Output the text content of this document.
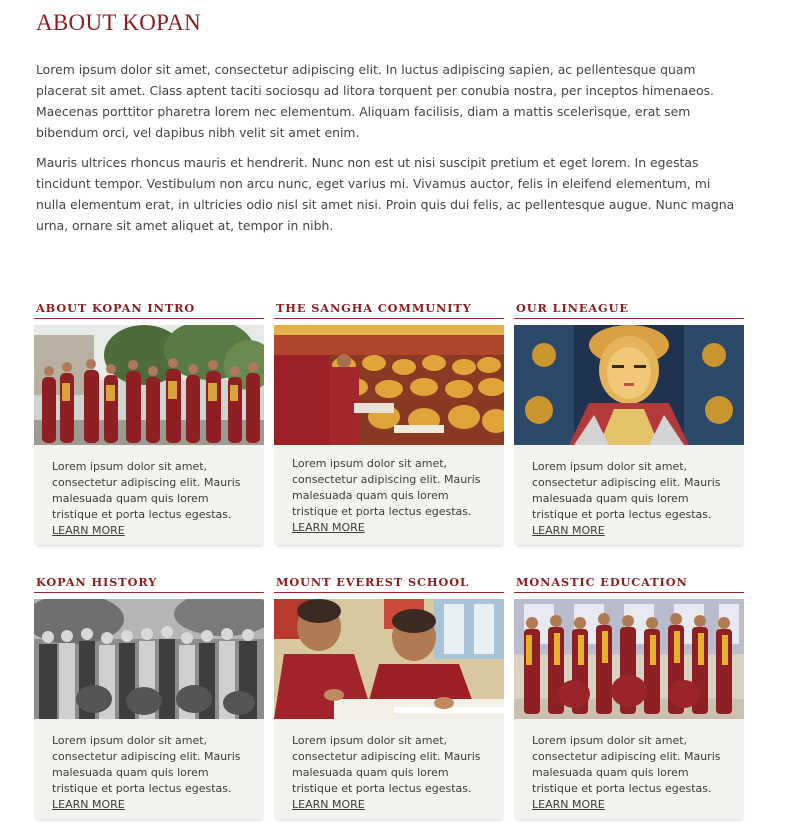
ABOUT KOPAN

Lorem ipsum dolor sit amet, consectetur adipiscing elit. In luctus adipiscing sapien, ac pellentesque quam placerat sit amet. Class aptent taciti sociosqu ad litora torquent per conubia nostra, per inceptos himenaeos. Maecenas porttitor pharetra lorem nec elementum. Aliquam facilisis, diam a mattis scelerisque, erat sem bibendum orci, vel dapibus nibh velit sit amet enim.

Mauris ultrices rhoncus mauris et hendrerit. Nunc non est ut nisi suscipit pretium et eget lorem. In egestas tincidunt tempor. Vestibulum non arcu nunc, eget varius mi. Vivamus auctor, felis in eleifend elementum, mi nulla elementum erat, in ultricies odio nisl sit amet nisi. Proin quis dui felis, ac pellentesque augue. Nunc magna urna, ornare sit amet aliquet at, tempor in nibh.

ABOUT KOPAN INTRO
Lorem ipsum dolor sit amet, consectetur adipiscing elit. Mauris malesuada quam quis lorem tristique et porta lectus egestas. LEARN MORE
THE SANGHA COMMUNITY
Lorem ipsum dolor sit amet, consectetur adipiscing elit. Mauris malesuada quam quis lorem tristique et porta lectus egestas. LEARN MORE
OUR LINEAGUE
Lorem ipsum dolor sit amet, consectetur adipiscing elit. Mauris malesuada quam quis lorem tristique et porta lectus egestas. LEARN MORE
KOPAN HISTORY
Lorem ipsum dolor sit amet, consectetur adipiscing elit. Mauris malesuada quam quis lorem tristique et porta lectus egestas. LEARN MORE
MOUNT EVEREST SCHOOL
Lorem ipsum dolor sit amet, consectetur adipiscing elit. Mauris malesuada quam quis lorem tristique et porta lectus egestas. LEARN MORE
MONASTIC EDUCATION
Lorem ipsum dolor sit amet, consectetur adipiscing elit. Mauris malesuada quam quis lorem tristique et porta lectus egestas. LEARN MORE
